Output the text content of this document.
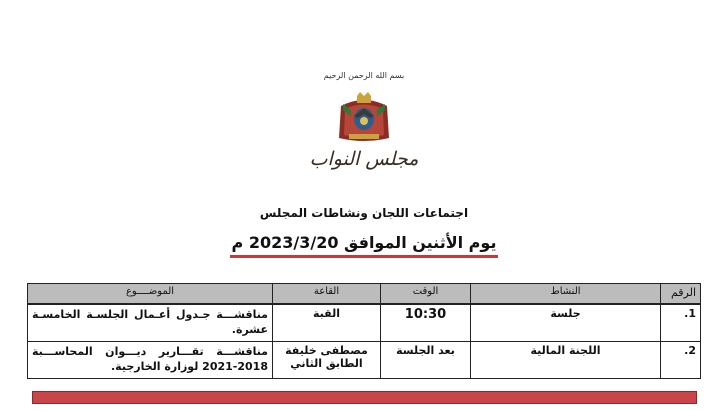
بسم الله الرحمن الرحيم
مجلس النواب
اجتماعات اللجان ونشاطات المجلس
يوم الأثنين الموافق 2023/3/20 م
الرقم	النشاط	الوقت	القاعة	الموضــــوع
1.	جلسة	10:30	القبة	مناقشـــة جـدول أعـمال الجلسـة الخامسـة عشرة.
2.	اللجنة المالية	بعد الجلسة	مصطفى خليفة الطابق الثاني	مناقشـــة تقـــارير ديـــوان المحاســـبة 2018-2021 لوزارة الخارجية.
